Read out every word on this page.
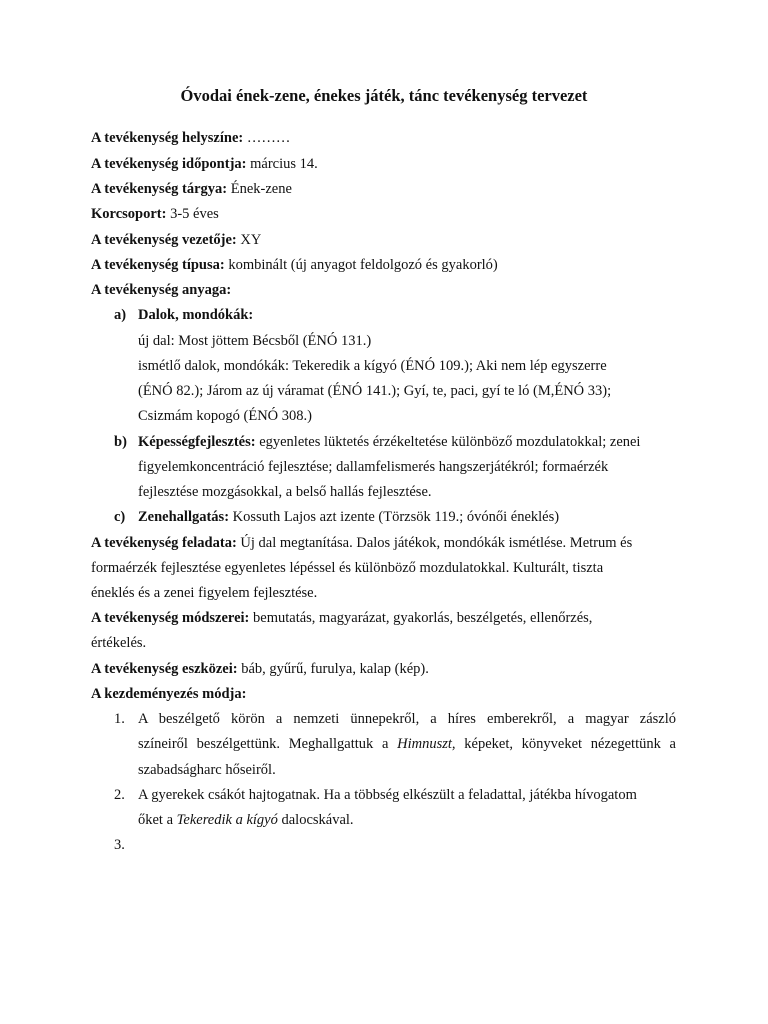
Óvodai ének-zene, énekes játék, tánc tevékenység tervezet
A tevékenység helyszíne: ………
A tevékenység időpontja: március 14.
A tevékenység tárgya: Ének-zene
Korcsoport: 3-5 éves
A tevékenység vezetője: XY
A tevékenység típusa: kombinált (új anyagot feldolgozó és gyakorló)
A tevékenység anyaga:
a) Dalok, mondókák:
új dal: Most jöttem Bécsből (ÉNÓ 131.)
ismétlő dalok, mondókák: Tekeredik a kígyó (ÉNÓ 109.); Aki nem lép egyszerre
(ÉNÓ 82.); Járom az új váramat (ÉNÓ 141.); Gyí, te, paci, gyí te ló (M,ÉNÓ 33);
Csizmám kopogó (ÉNÓ 308.)
b) Képességfejlesztés: egyenletes lüktetés érzékeltetése különböző mozdulatokkal; zenei
figyelemkoncentráció fejlesztése; dallamfelismerés hangszerjátékról; formaérzék
fejlesztése mozgásokkal, a belső hallás fejlesztése.
c) Zenehallgatás: Kossuth Lajos azt izente (Törzsök 119.; óvónői éneklés)
A tevékenység feladata: Új dal megtanítása. Dalos játékok, mondókák ismétlése. Metrum és
formaérzék fejlesztése egyenletes lépéssel és különböző mozdulatokkal. Kulturált, tiszta
éneklés és a zenei figyelem fejlesztése.
A tevékenység módszerei: bemutatás, magyarázat, gyakorlás, beszélgetés, ellenőrzés,
értékelés.
A tevékenység eszközei: báb, gyűrű, furulya, kalap (kép).
A kezdeményezés módja:
1. A beszélgető körön a nemzeti ünnepekről, a híres emberekről, a magyar zászló
színeiről beszélgettünk. Meghallgattuk a Himnuszt, képeket, könyveket nézegettünk a
szabadságharc hőseiről.
2. A gyerekek csákót hajtogatnak. Ha a többség elkészült a feladattal, játékba hívogatom
őket a Tekeredik a kígyó dalocskával.
3.
